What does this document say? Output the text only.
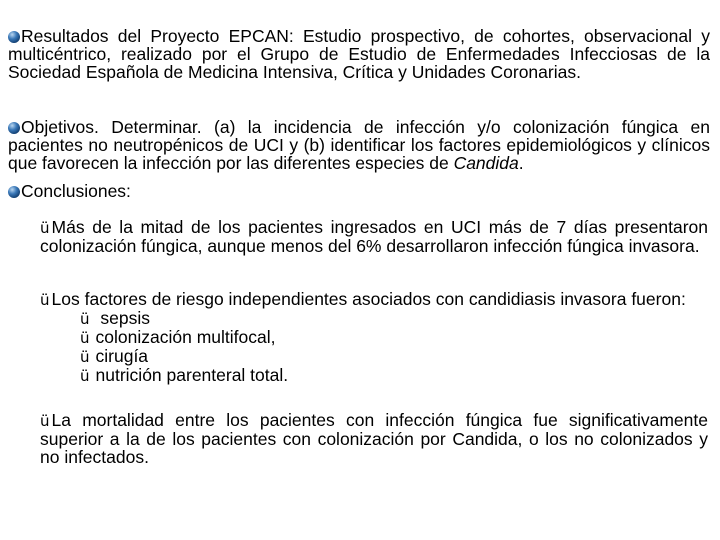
Resultados del Proyecto EPCAN: Estudio prospectivo, de cohortes, observacional y multicéntrico, realizado por el Grupo de Estudio de Enfermedades Infecciosas de la Sociedad Española de Medicina Intensiva, Crítica y Unidades Coronarias.
Objetivos. Determinar. (a) la incidencia de infección y/o colonización fúngica en pacientes no neutropénicos de UCI y (b) identificar los factores epidemiológicos y clínicos que favorecen la infección por las diferentes especies de Candida.
Conclusiones:
ü Más de la mitad de los pacientes ingresados en UCI más de 7 días presentaron colonización fúngica, aunque menos del 6% desarrollaron infección fúngica invasora.
ü Los factores de riesgo independientes asociados con candidiasis invasora fueron:
ü sepsis
ü colonización multifocal,
ü cirugía
ü nutrición parenteral total.
ü La mortalidad entre los pacientes con infección fúngica fue significativamente superior a la de los pacientes con colonización por Candida, o los no colonizados y no infectados.
